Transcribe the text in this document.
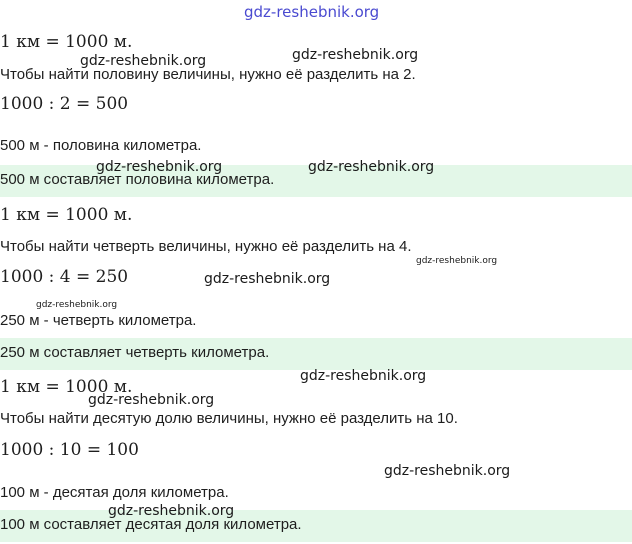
gdz-reshebnik.org
1 км = 1000 м.
Чтобы найти половину величины, нужно её разделить на 2.
1000 : 2 = 500
500 м - половина километра.
500 м составляет половина километра.
1 км = 1000 м.
Чтобы найти четверть величины, нужно её разделить на 4.
1000 : 4 = 250
250 м - четверть километра.
250 м составляет четверть километра.
1 км = 1000 м.
Чтобы найти десятую долю величины, нужно её разделить на 10.
1000 : 10 = 100
100 м - десятая доля километра.
100 м составляет десятая доля километра.
gdz-reshebnik.org	gdz-reshebnik.org
gdz-reshebnik.org	gdz-reshebnik.org
gdz-reshebnik.org
gdz-reshebnik.org
gdz-reshebnik.org
gdz-reshebnik.org
gdz-reshebnik.org
gdz-reshebnik.org
gdz-reshebnik.org
